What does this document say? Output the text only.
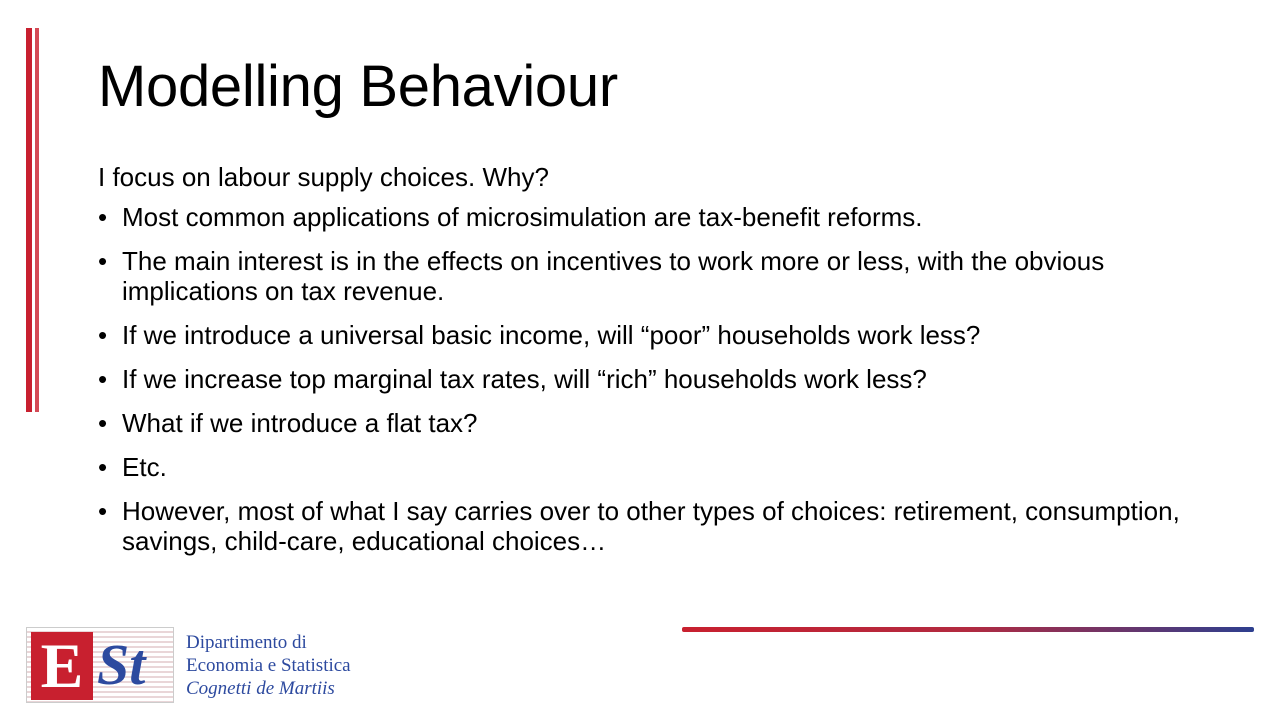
Modelling Behaviour

I focus on labour supply choices. Why?

• Most common applications of microsimulation are tax-benefit reforms.
• The main interest is in the effects on incentives to work more or less, with the obvious implications on tax revenue.
• If we introduce a universal basic income, will “poor” households work less?
• If we increase top marginal tax rates, will “rich” households work less?
• What if we introduce a flat tax?
• Etc.
• However, most of what I say carries over to other types of choices: retirement, consumption, savings, child-care, educational choices…
E St Dipartimento di
Economia e Statistica
Cognetti de Martiis
